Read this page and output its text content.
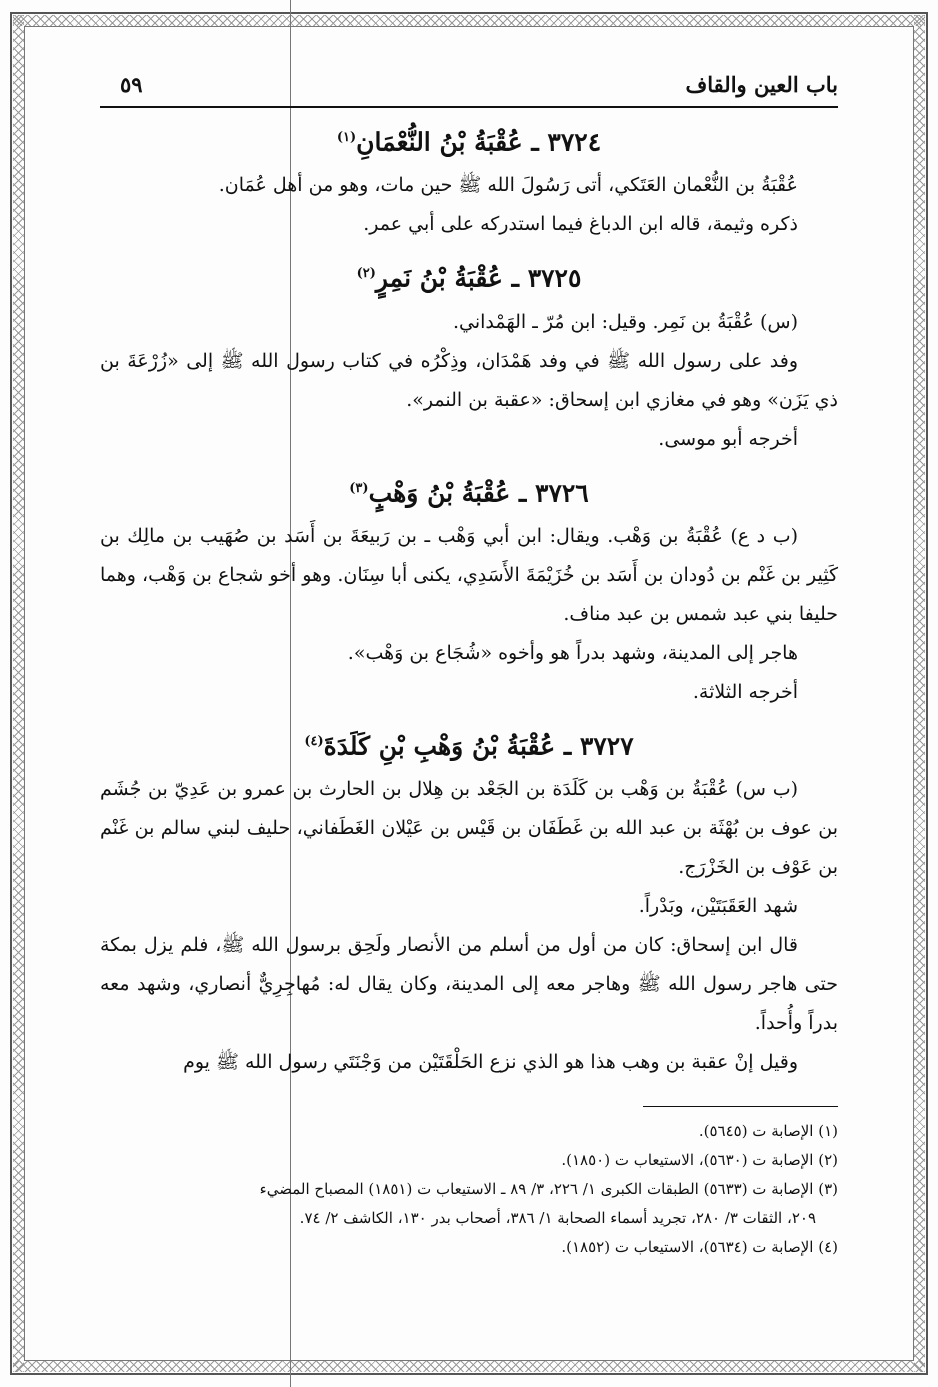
باب العين والقاف
٥٩
٣٧٢٤ ـ عُقْبَةُ بْنُ النُّعْمَانِ$^{(١)}$

عُقْبَةُ بن النُّعْمان العَتَكي، أتى رَسُولَ الله ﷺ حين مات، وهو من أهل عُمَان.

ذكره وثيمة، قاله ابن الدباغ فيما استدركه على أبي عمر.

٣٧٢٥ ـ عُقْبَةُ بْنُ نَمِرٍ$^{(٢)}$

(س) عُقْبَةُ بن نَمِر. وقيل: ابن مُرّ ـ الهَمْداني.

وفد على رسول الله ﷺ في وفد هَمْدَان، وذِكْرُه في كتاب رسول الله ﷺ إلى «زُرْعَةَ بن ذي يَزَن» وهو في مغازي ابن إسحاق: «عقبة بن النمر».

أخرجه أبو موسى.

٣٧٢٦ ـ عُقْبَةُ بْنُ وَهْبٍ$^{(٣)}$

(ب د ع) عُقْبَةُ بن وَهْب. ويقال: ابن أبي وَهْب ـ بن رَبيعَةَ بن أَسَد بن صُهَيب بن مالِك بن كَثِير بن غَنْم بن دُودان بن أَسَد بن خُزَيْمَةَ الأَسَدِي، يكنى أبا سِنَان. وهو أخو شجاع بن وَهْب، وهما حليفا بني عبد شمس بن عبد مناف.

هاجر إلى المدينة، وشهد بدراً هو وأخوه «شُجَاع بن وَهْب».

أخرجه الثلاثة.

٣٧٢٧ ـ عُقْبَةُ بْنُ وَهْبِ بْنِ كَلَدَةَ$^{(٤)}$

(ب س) عُقْبَةُ بن وَهْب بن كَلَدَة بن الجَعْد بن هِلال بن الحارث بن عمرو بن عَدِيّ بن جُشَم بن عوف بن بُهْثَة بن عبد الله بن غَطَفَان بن قَيْس بن عَيْلان الغَطَفاني، حليف لبني سالم بن غَنْم بن عَوْف بن الخَزْرَج.

شهد العَقَبَتَيْن، وبَدْراً.

قال ابن إسحاق: كان من أول من أسلم من الأنصار ولَحِق برسول الله ﷺ، فلم يزل بمكة حتى هاجر رسول الله ﷺ وهاجر معه إلى المدينة، وكان يقال له: مُهاجِرِيٌّ أنصاري، وشهد معه بدراً وأُحداً.

وقيل إنْ عقبة بن وهب هذا هو الذي نزع الحَلْقَتَيْن من وَجْنَتَي رسول الله ﷺ يوم

(١) الإصابة ت (٥٦٤٥).

(٢) الإصابة ت (٥٦٣٠)، الاستيعاب ت (١٨٥٠).

(٣) الإصابة ت (٥٦٣٣) الطبقات الكبرى ١/ ٢٢٦، ٣/ ٨٩ ـ الاستيعاب ت (١٨٥١) المصباح المضيء

٢٠٩، الثقات ٣/ ٢٨٠، تجريد أسماء الصحابة ١/ ٣٨٦، أصحاب بدر ١٣٠، الكاشف ٢/ ٧٤.

(٤) الإصابة ت (٥٦٣٤)، الاستيعاب ت (١٨٥٢).
